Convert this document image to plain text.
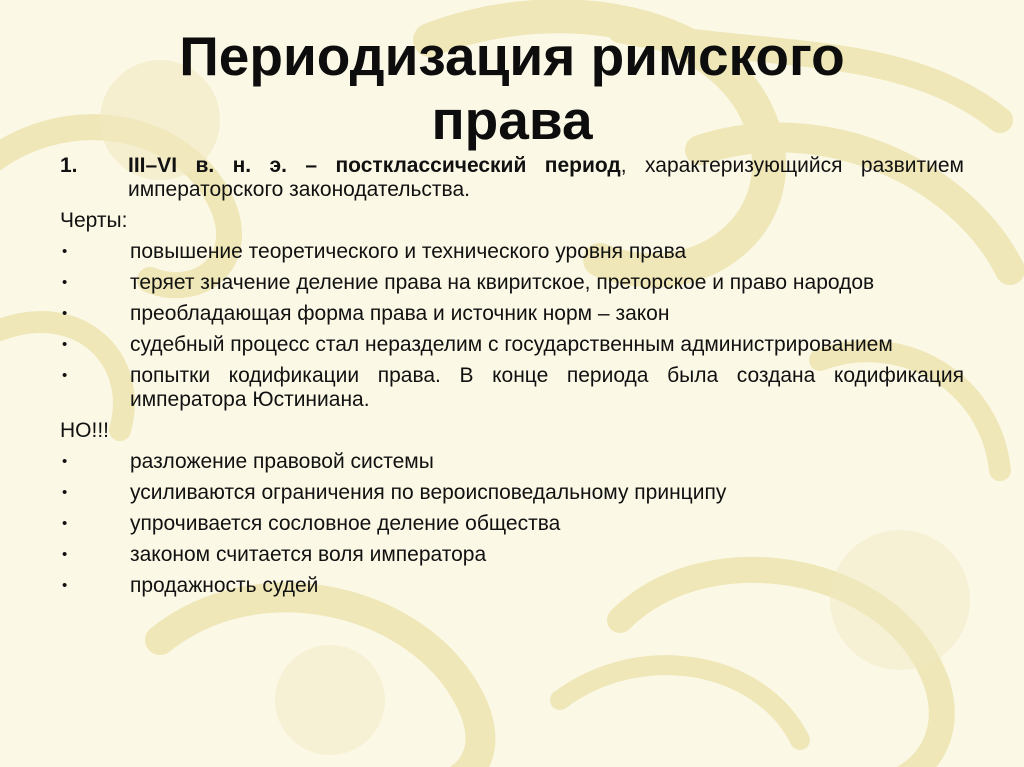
Периодизация римского права
1.	III–VI в. н. э. – постклассический период, характеризующийся развитием императорского законодательства.
Черты:
•	повышение теоретического и технического уровня права
•	теряет значение деление права на квиритское, преторское и право народов
•	преобладающая форма права и источник норм – закон
•	судебный процесс стал неразделим с государственным администрированием
•	попытки кодификации права. В конце периода была создана кодификация императора Юстиниана.
НО!!!
•	разложение правовой системы
•	усиливаются ограничения по вероисповедальному принципу
•	упрочивается сословное деление общества
•	законом считается воля императора
•	продажность судей
